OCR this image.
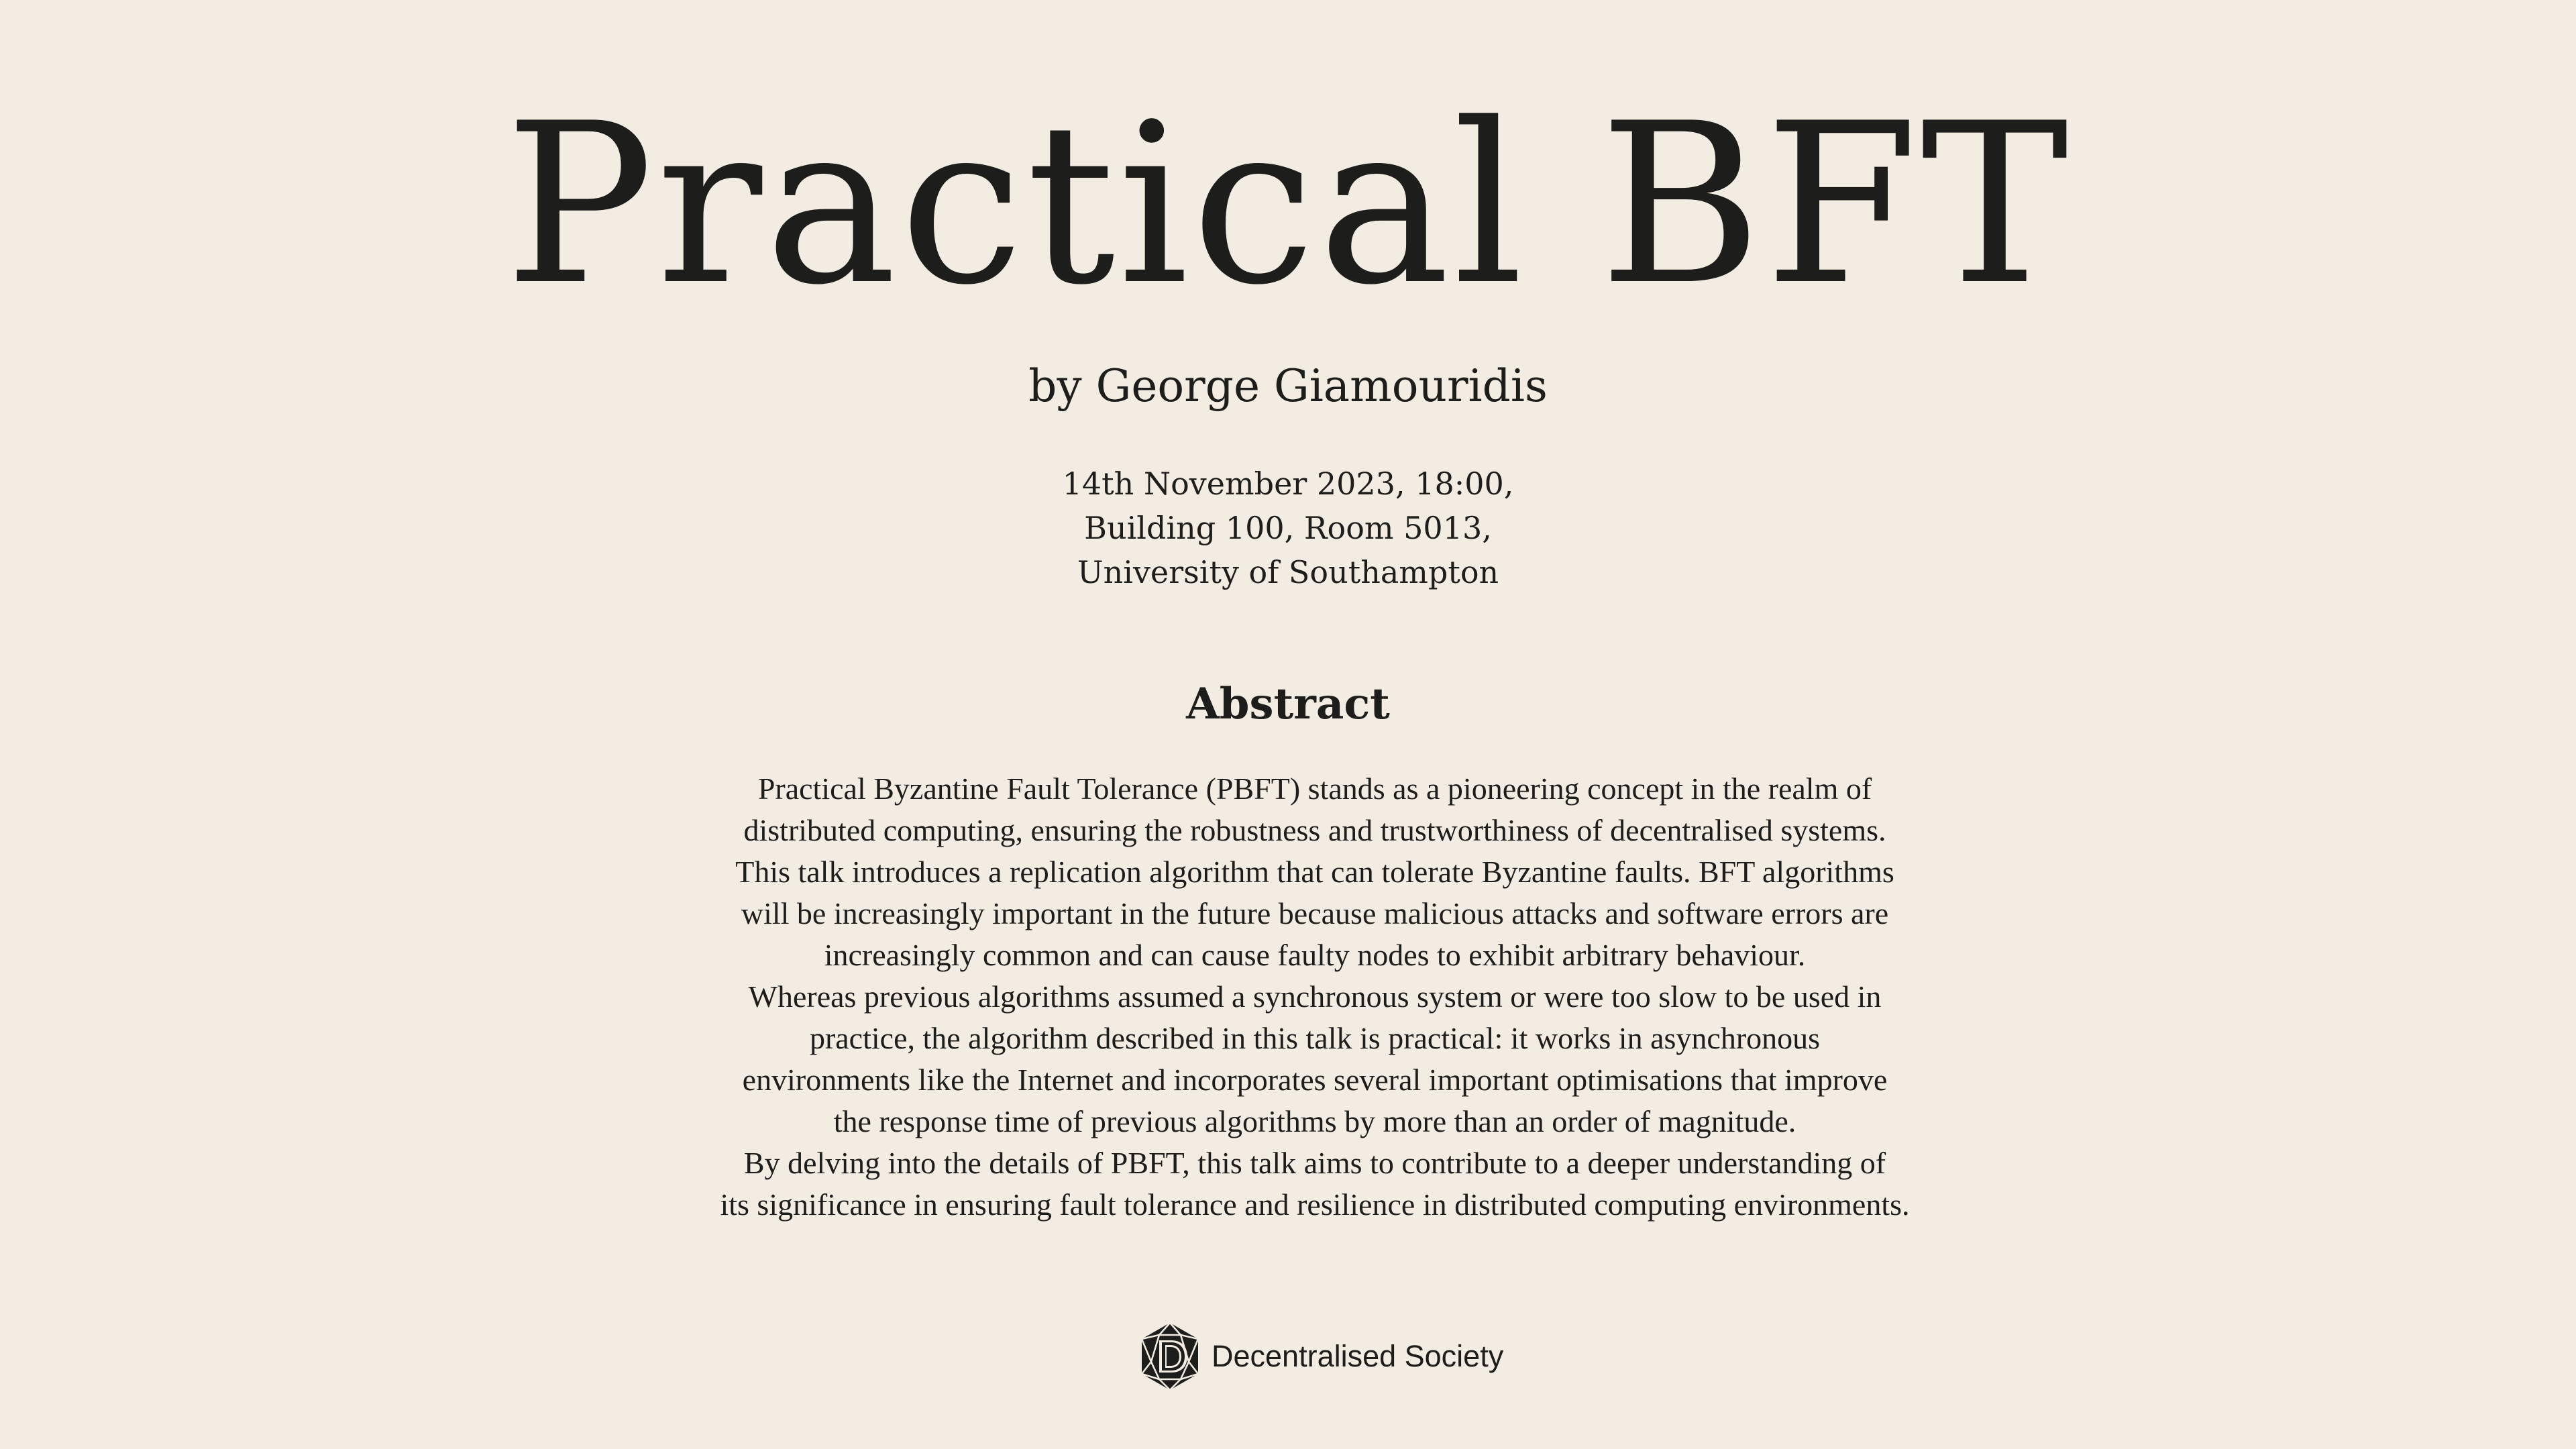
Practical BFT
by George Giamouridis
14th November 2023, 18:00,
Building 100, Room 5013,
University of Southampton
Abstract
Practical Byzantine Fault Tolerance (PBFT) stands as a pioneering concept in the realm of
distributed computing, ensuring the robustness and trustworthiness of decentralised systems.
This talk introduces a replication algorithm that can tolerate Byzantine faults. BFT algorithms
will be increasingly important in the future because malicious attacks and software errors are
increasingly common and can cause faulty nodes to exhibit arbitrary behaviour.
Whereas previous algorithms assumed a synchronous system or were too slow to be used in
practice, the algorithm described in this talk is practical: it works in asynchronous
environments like the Internet and incorporates several important optimisations that improve
the response time of previous algorithms by more than an order of magnitude.
By delving into the details of PBFT, this talk aims to contribute to a deeper understanding of
its significance in ensuring fault tolerance and resilience in distributed computing environments.
Decentralised Society
